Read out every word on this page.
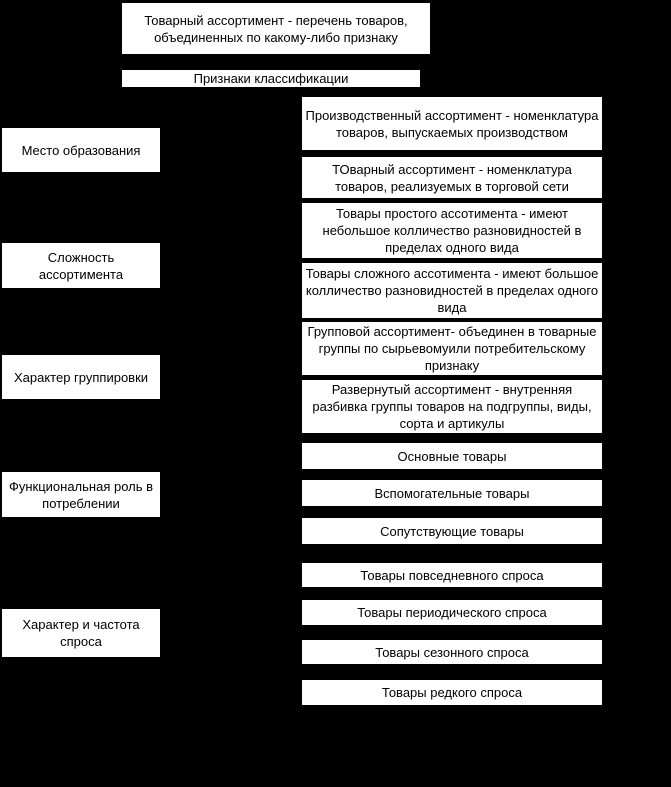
Товарный ассортимент - перечень товаров, объединенных по какому-либо признаку
Признаки классификации
Место образования
Сложность ассортимента
Характер группировки
Функциональная роль в потреблении
Характер и частота спроса
Производственный ассортимент - номенклатура товаров, выпускаемых производством
ТОварный ассортимент - номенклатура товаров, реализуемых в торговой сети
Товары простого ассотимента - имеют небольшое колличество разновидностей в пределах одного вида
Товары сложного ассотимента - имеют большое колличество разновидностей в пределах одного вида
Групповой ассортимент- объединен в товарные группы по сырьевомуили потребительскому признаку
Развернутый ассортимент - внутренняя разбивка группы товаров на подгруппы, виды, сорта и артикулы
Основные товары
Вспомогательные товары
Сопутствующие товары
Товары повседневного спроса
Товары периодического спроса
Товары сезонного спроса
Товары редкого спроса
